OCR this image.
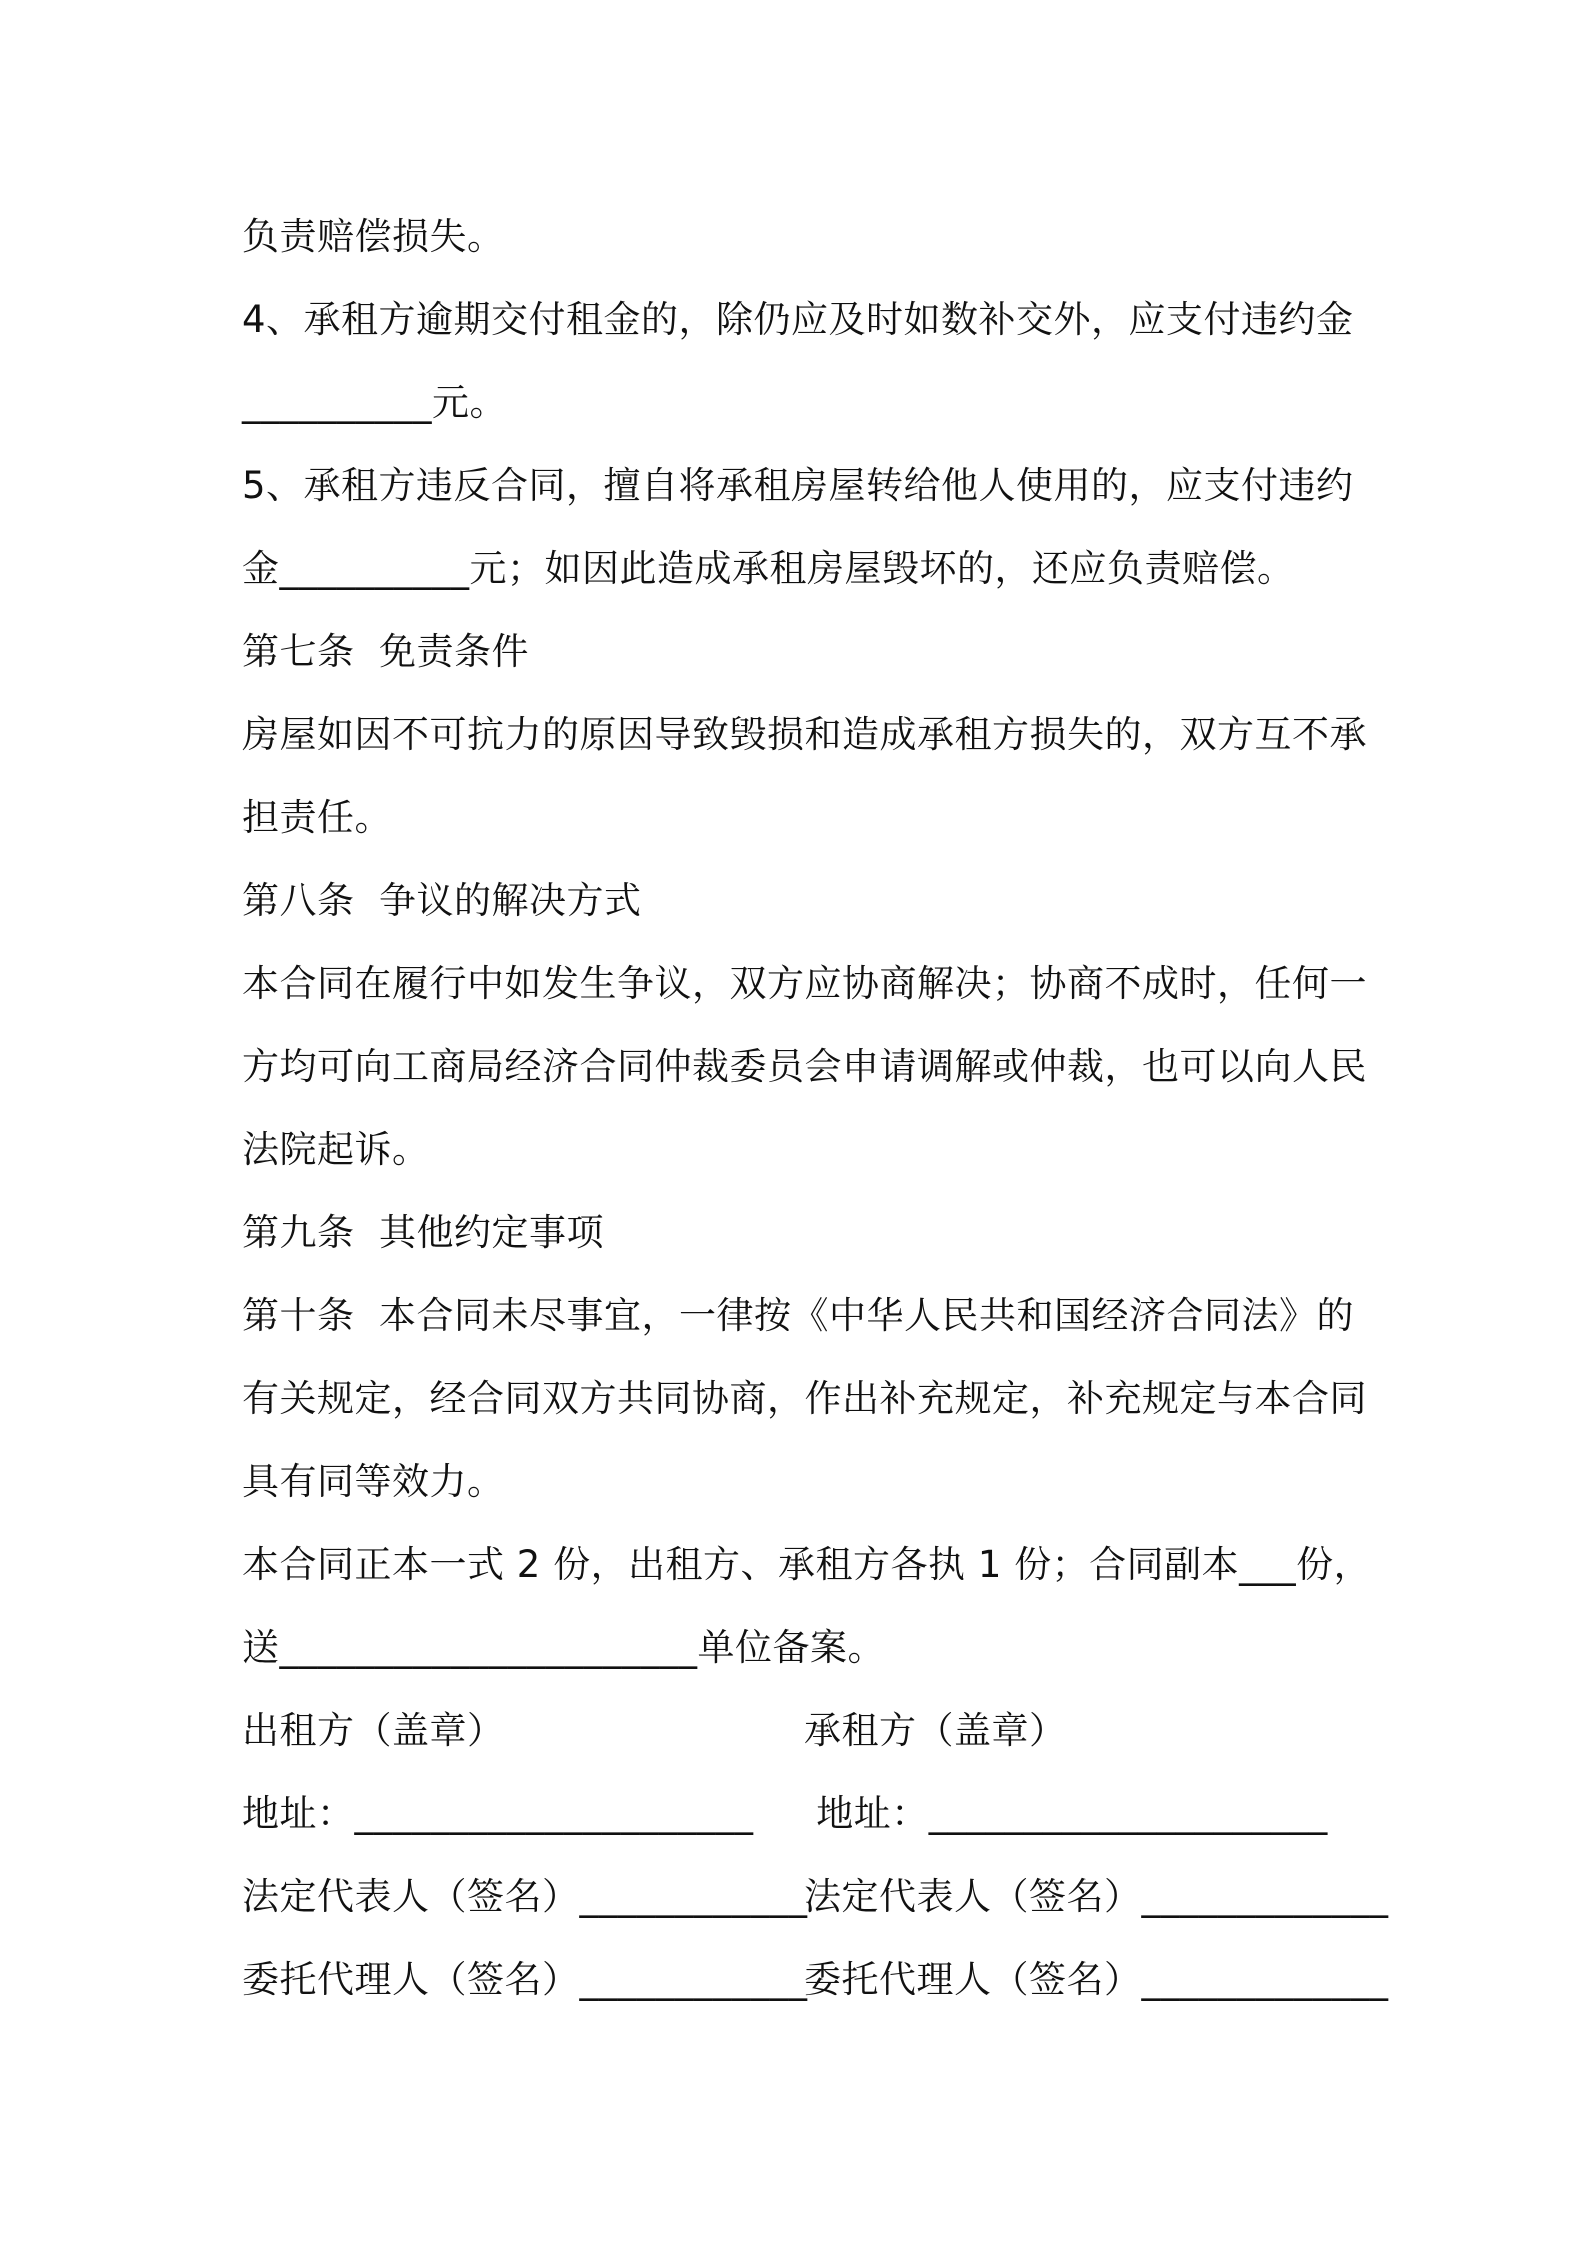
负责赔偿损失。
4、承租方逾期交付租金的，除仍应及时如数补交外，应支付违约金
__________元。
5、承租方违反合同，擅自将承租房屋转给他人使用的，应支付违约
金__________元；如因此造成承租房屋毁坏的，还应负责赔偿。
第七条  免责条件
房屋如因不可抗力的原因导致毁损和造成承租方损失的，双方互不承
担责任。
第八条  争议的解决方式
本合同在履行中如发生争议，双方应协商解决；协商不成时，任何一
方均可向工商局经济合同仲裁委员会申请调解或仲裁，也可以向人民
法院起诉。
第九条  其他约定事项
第十条  本合同未尽事宜，一律按《中华人民共和国经济合同法》的
有关规定，经合同双方共同协商，作出补充规定，补充规定与本合同
具有同等效力。
本合同正本一式 2 份，出租方、承租方各执 1 份；合同副本___份，
送______________________单位备案。
出租方（盖章）	承租方（盖章）
地址：_____________________	地址：_____________________
法定代表人（签名）____________
法定代表人（签名）_____________
委托代理人（签名）____________
委托代理人（签名）_____________
